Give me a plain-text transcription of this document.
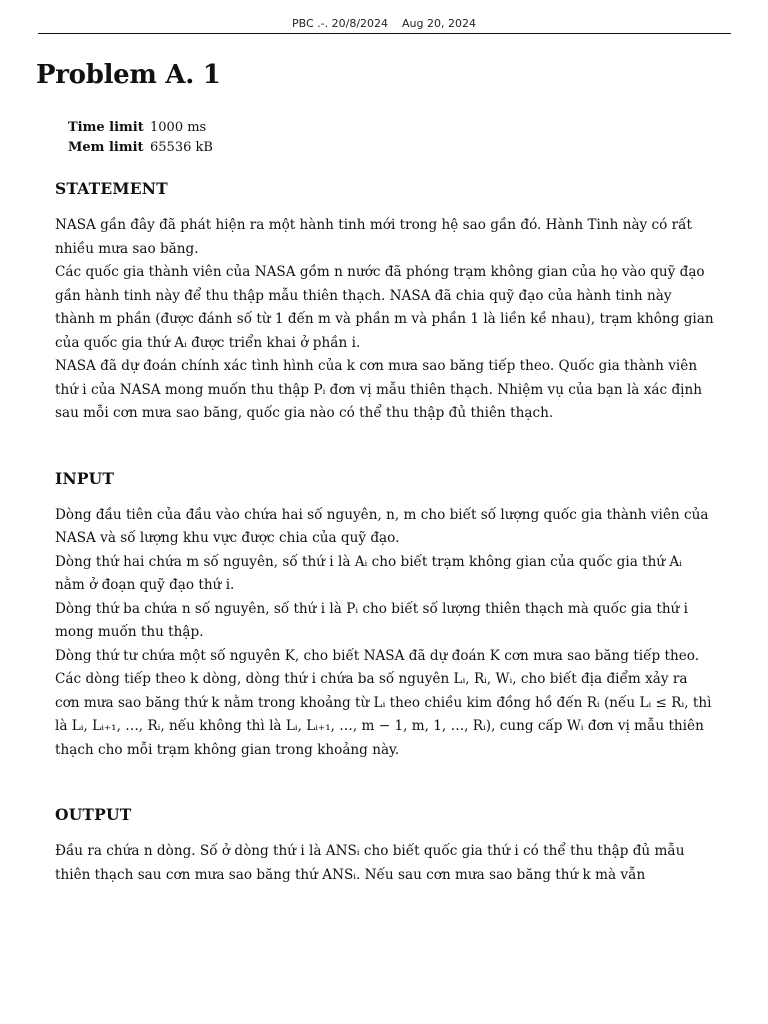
PBC .-. 20/8/2024    Aug 20, 2024
Problem A. 1
Time limit 1000 ms
Mem limit 65536 kB
STATEMENT

NASA gần đây đã phát hiện ra một hành tinh mới trong hệ sao gần đó. Hành Tinh này có rất nhiều mưa sao băng.

Các quốc gia thành viên của NASA gồm n nước đã phóng trạm không gian của họ vào quỹ đạo gần hành tinh này để thu thập mẫu thiên thạch. NASA đã chia quỹ đạo của hành tinh này thành m phần (được đánh số từ 1 đến m và phần m và phần 1 là liền kề nhau), trạm không gian của quốc gia thứ Aᵢ được triển khai ở phần i.

NASA đã dự đoán chính xác tình hình của k cơn mưa sao băng tiếp theo. Quốc gia thành viên thứ i của NASA mong muốn thu thập Pᵢ đơn vị mẫu thiên thạch. Nhiệm vụ của bạn là xác định sau mỗi cơn mưa sao băng, quốc gia nào có thể thu thập đủ thiên thạch.

INPUT

Dòng đầu tiên của đầu vào chứa hai số nguyên, n, m cho biết số lượng quốc gia thành viên của NASA và số lượng khu vực được chia của quỹ đạo.

Dòng thứ hai chứa m số nguyên, số thứ i là Aᵢ cho biết trạm không gian của quốc gia thứ Aᵢ nằm ở đoạn quỹ đạo thứ i.

Dòng thứ ba chứa n số nguyên, số thứ i là Pᵢ cho biết số lượng thiên thạch mà quốc gia thứ i mong muốn thu thập.

Dòng thứ tư chứa một số nguyên K, cho biết NASA đã dự đoán K cơn mưa sao băng tiếp theo.

Các dòng tiếp theo k dòng, dòng thứ i chứa ba số nguyên Lᵢ, Rᵢ, Wᵢ, cho biết địa điểm xảy ra cơn mưa sao băng thứ k nằm trong khoảng từ Lᵢ theo chiều kim đồng hồ đến Rᵢ (nếu Lᵢ ≤ Rᵢ, thì là Lᵢ, Lᵢ₊₁, …, Rᵢ, nếu không thì là Lᵢ, Lᵢ₊₁, …, m − 1, m, 1, …, Rᵢ), cung cấp Wᵢ đơn vị mẫu thiên thạch cho mỗi trạm không gian trong khoảng này.

OUTPUT

Đầu ra chứa n dòng. Số ở dòng thứ i là ANSᵢ cho biết quốc gia thứ i có thể thu thập đủ mẫu thiên thạch sau cơn mưa sao băng thứ ANSᵢ. Nếu sau cơn mưa sao băng thứ k mà vẫn
